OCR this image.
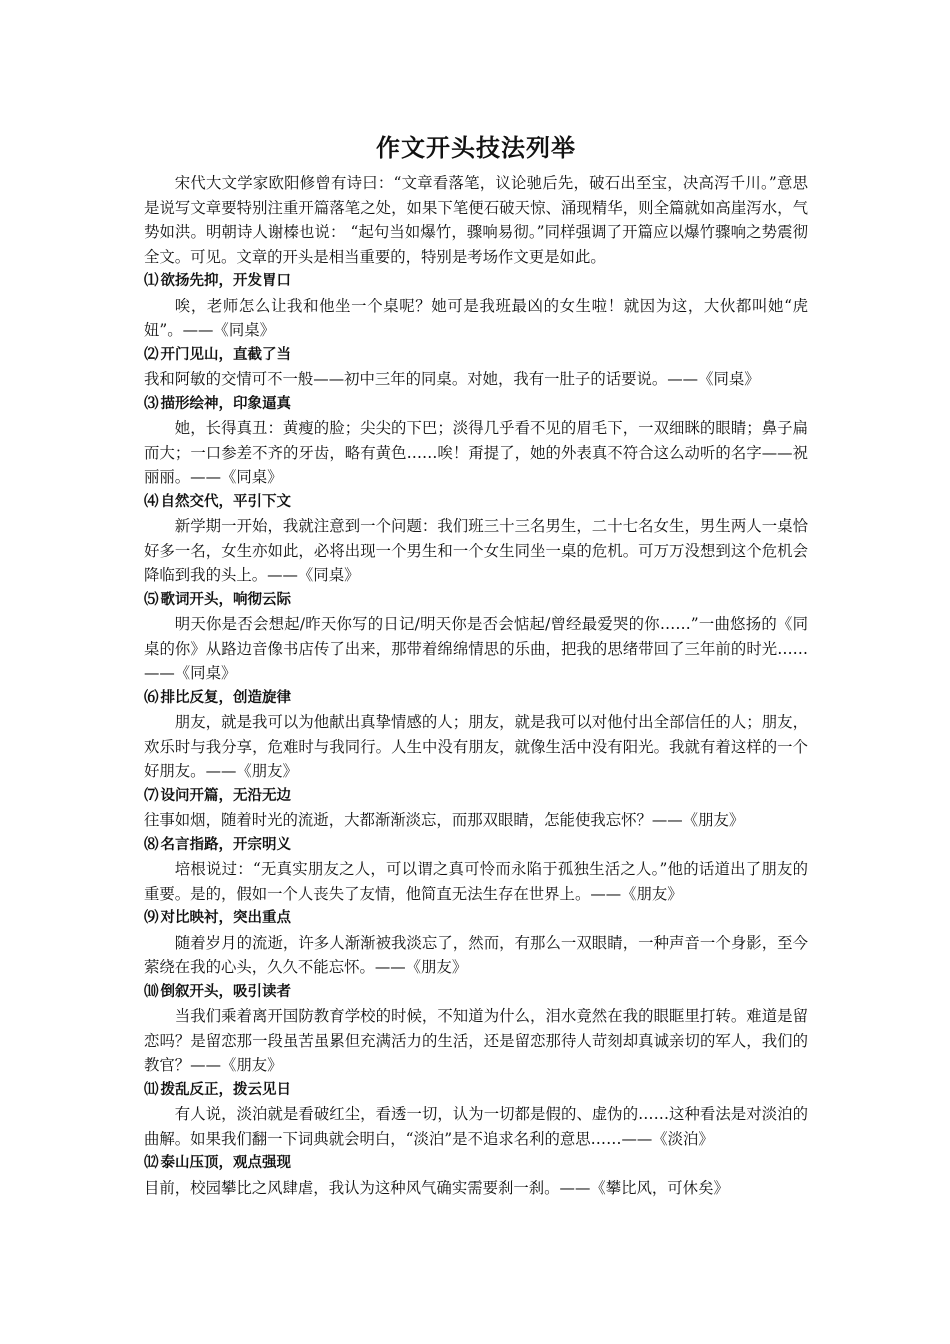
作文开头技法列举

宋代大文学家欧阳修曾有诗曰：“文章看落笔，议论驰后先，破石出至宝，决高泻千川。”意思是说写文章要特别注重开篇落笔之处，如果下笔便石破天惊、涌现精华，则全篇就如高崖泻水，气势如洪。明朝诗人谢榛也说： “起句当如爆竹，骤响易彻。”同样强调了开篇应以爆竹骤响之势震彻全文。可见。文章的开头是相当重要的，特别是考场作文更是如此。

⑴ 欲扬先抑，开发胃口

唉，老师怎么让我和他坐一个桌呢？她可是我班最凶的女生啦！就因为这，大伙都叫她“虎妞”。——《同桌》

⑵ 开门见山，直截了当

我和阿敏的交情可不一般——初中三年的同桌。对她，我有一肚子的话要说。——《同桌》

⑶ 描形绘神，印象逼真

她，长得真丑：黄瘦的脸；尖尖的下巴；淡得几乎看不见的眉毛下，一双细眯的眼睛；鼻子扁而大；一口参差不齐的牙齿，略有黄色……唉！甭提了，她的外表真不符合这么动听的名字——祝丽丽。——《同桌》

⑷ 自然交代，平引下文

新学期一开始，我就注意到一个问题：我们班三十三名男生，二十七名女生，男生两人一桌恰好多一名，女生亦如此，必将出现一个男生和一个女生同坐一桌的危机。可万万没想到这个危机会降临到我的头上。——《同桌》

⑸ 歌词开头，响彻云际

明天你是否会想起/昨天你写的日记/明天你是否会惦起/曾经最爱哭的你……”一曲悠扬的《同桌的你》从路边音像书店传了出来，那带着绵绵情思的乐曲，把我的思绪带回了三年前的时光……——《同桌》

⑹ 排比反复，创造旋律

朋友，就是我可以为他献出真挚情感的人；朋友，就是我可以对他付出全部信任的人；朋友，欢乐时与我分享，危难时与我同行。人生中没有朋友，就像生活中没有阳光。我就有着这样的一个好朋友。——《朋友》

⑺ 设问开篇，无沿无边

往事如烟，随着时光的流逝，大都渐渐淡忘，而那双眼睛，怎能使我忘怀？——《朋友》

⑻ 名言指路，开宗明义

培根说过：“无真实朋友之人，可以谓之真可怜而永陷于孤独生活之人。”他的话道出了朋友的重要。是的，假如一个人丧失了友情，他简直无法生存在世界上。——《朋友》

⑼ 对比映衬，突出重点

随着岁月的流逝，许多人渐渐被我淡忘了，然而，有那么一双眼睛，一种声音一个身影，至今萦绕在我的心头，久久不能忘怀。——《朋友》

⑽ 倒叙开头，吸引读者

当我们乘着离开国防教育学校的时候，不知道为什么，泪水竟然在我的眼眶里打转。难道是留恋吗？是留恋那一段虽苦虽累但充满活力的生活，还是留恋那待人苛刻却真诚亲切的军人，我们的教官？——《朋友》

⑾ 拨乱反正，拨云见日

有人说，淡泊就是看破红尘，看透一切，认为一切都是假的、虚伪的……这种看法是对淡泊的曲解。如果我们翻一下词典就会明白，“淡泊”是不追求名利的意思……——《淡泊》

⑿ 泰山压顶，观点强现

目前，校园攀比之风肆虐，我认为这种风气确实需要刹一刹。——《攀比风，可休矣》
